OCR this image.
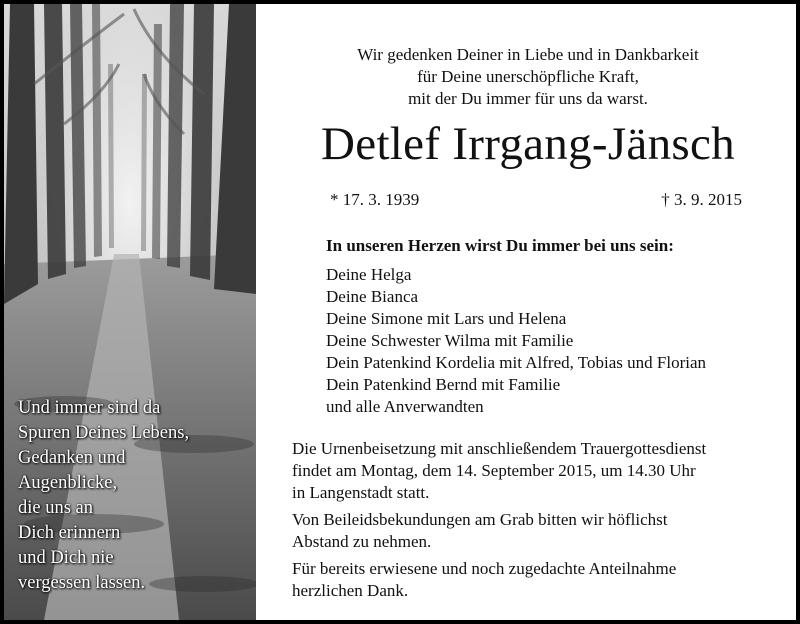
Und immer sind da
Spuren Deines Lebens,
Gedanken und
Augenblicke,
die uns an
Dich erinnern
und Dich nie
vergessen lassen.
Wir gedenken Deiner in Liebe und in Dankbarkeit
für Deine unerschöpfliche Kraft,
mit der Du immer für uns da warst.
Detlef Irrgang-Jänsch
* 17. 3. 1939	† 3. 9. 2015
In unseren Herzen wirst Du immer bei uns sein:
Deine Helga
Deine Bianca
Deine Simone mit Lars und Helena
Deine Schwester Wilma mit Familie
Dein Patenkind Kordelia mit Alfred, Tobias und Florian
Dein Patenkind Bernd mit Familie
und alle Anverwandten

Die Urnenbeisetzung mit anschließendem Trauergottesdienst
findet am Montag, dem 14. September 2015, um 14.30 Uhr
in Langenstadt statt.

Von Beileidsbekundungen am Grab bitten wir höflichst
Abstand zu nehmen.

Für bereits erwiesene und noch zugedachte Anteilnahme
herzlichen Dank.
